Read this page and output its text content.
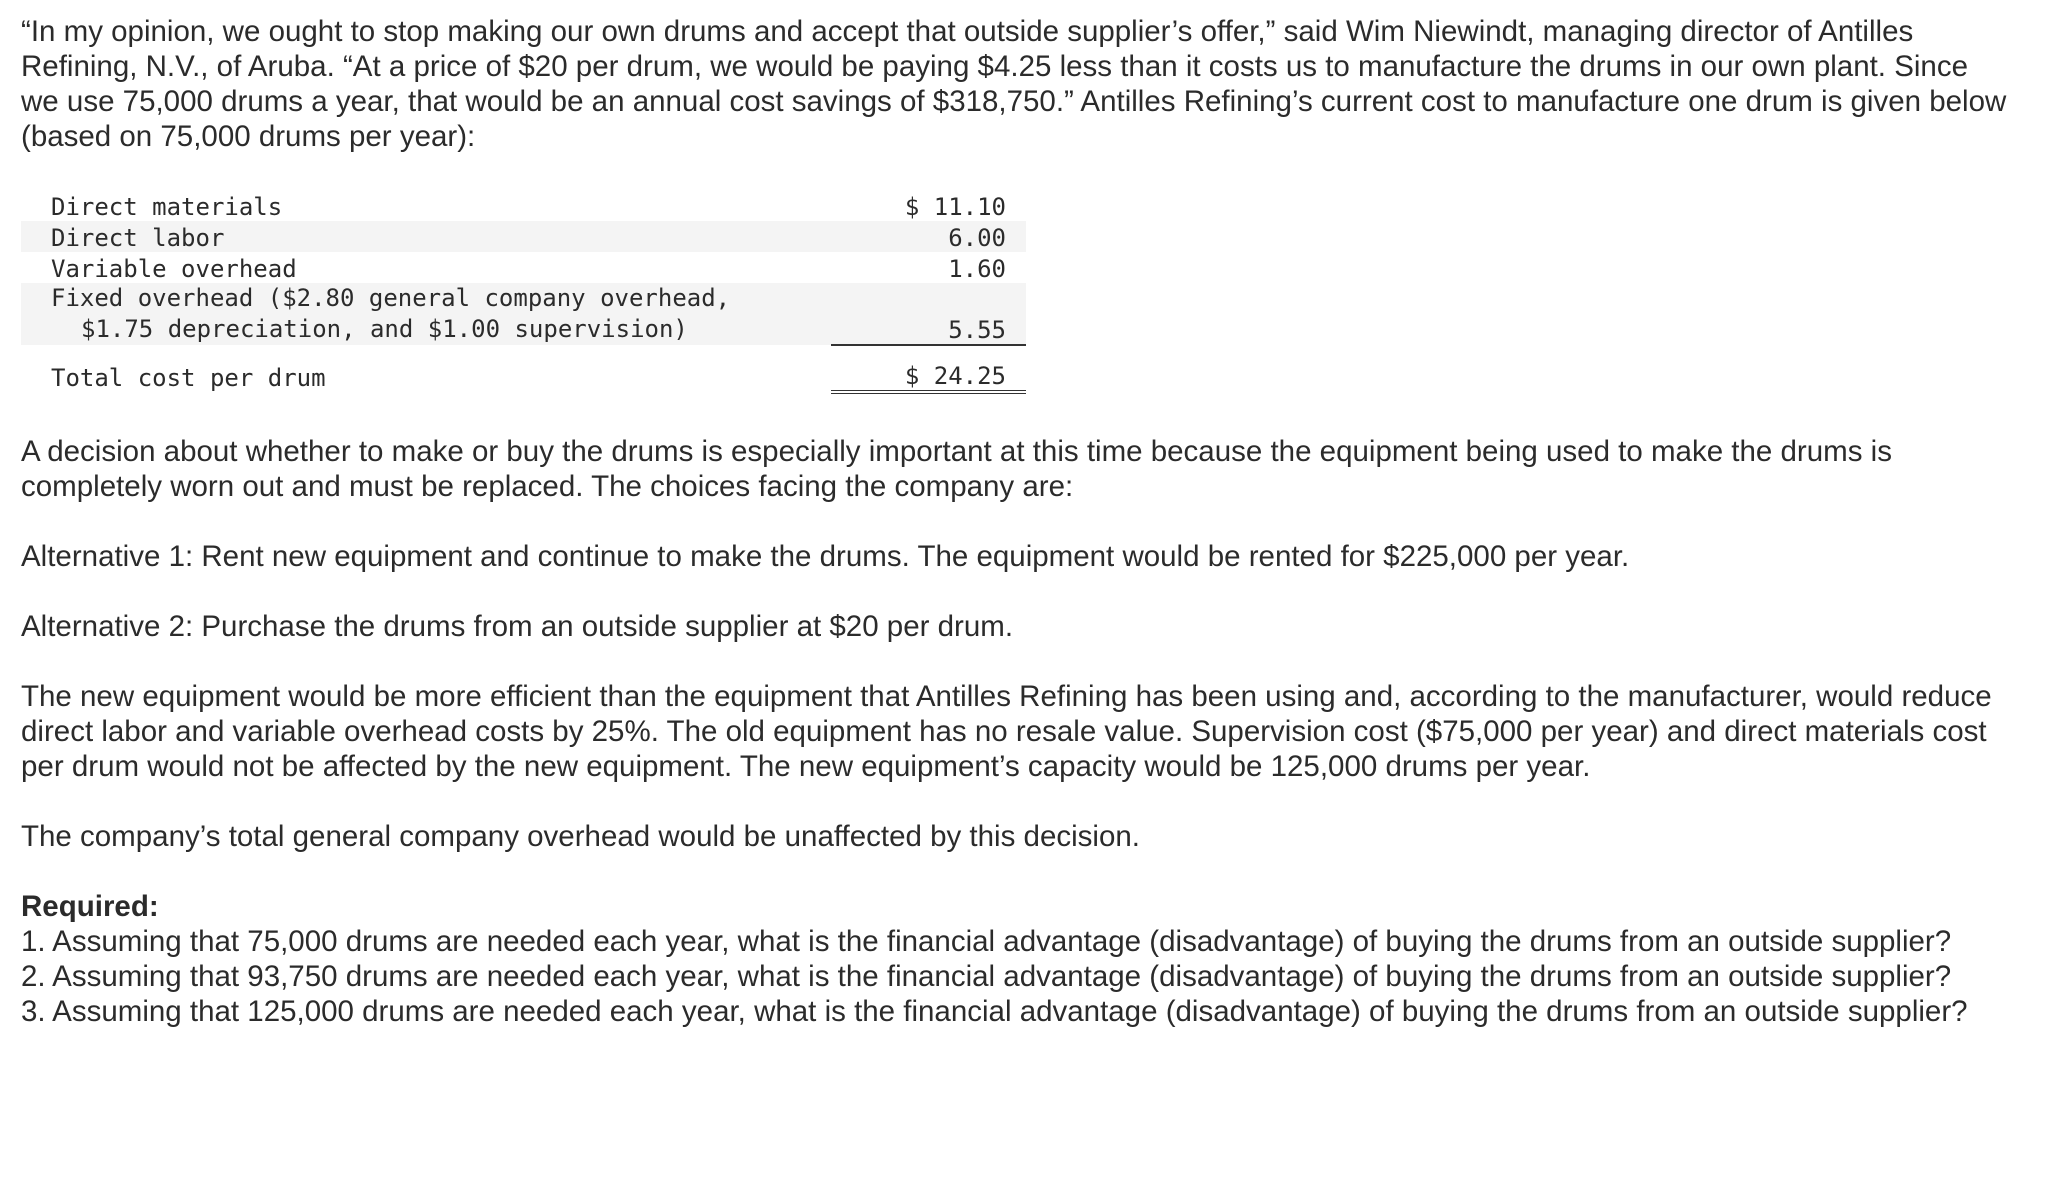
“In my opinion, we ought to stop making our own drums and accept that outside supplier’s offer,” said Wim Niewindt, managing director of Antilles Refining, N.V., of Aruba. “At a price of $20 per drum, we would be paying $4.25 less than it costs us to manufacture the drums in our own plant. Since we use 75,000 drums a year, that would be an annual cost savings of $318,750.” Antilles Refining’s current cost to manufacture one drum is given below (based on 75,000 drums per year):

Direct materials	$ 11.10
Direct labor	6.00
Variable overhead	1.60

Fixed overhead ($2.80 general company overhead,
$1.75 depreciation, and $1.00 supervision)	5.55
Total cost per drum	$ 24.25

A decision about whether to make or buy the drums is especially important at this time because the equipment being used to make the drums is completely worn out and must be replaced. The choices facing the company are:

Alternative 1: Rent new equipment and continue to make the drums. The equipment would be rented for $225,000 per year.

Alternative 2: Purchase the drums from an outside supplier at $20 per drum.

The new equipment would be more efficient than the equipment that Antilles Refining has been using and, according to the manufacturer, would reduce direct labor and variable overhead costs by 25%. The old equipment has no resale value. Supervision cost ($75,000 per year) and direct materials cost per drum would not be affected by the new equipment. The new equipment’s capacity would be 125,000 drums per year.

The company’s total general company overhead would be unaffected by this decision.

Required:

1. Assuming that 75,000 drums are needed each year, what is the financial advantage (disadvantage) of buying the drums from an outside supplier?

2. Assuming that 93,750 drums are needed each year, what is the financial advantage (disadvantage) of buying the drums from an outside supplier?

3. Assuming that 125,000 drums are needed each year, what is the financial advantage (disadvantage) of buying the drums from an outside supplier?
